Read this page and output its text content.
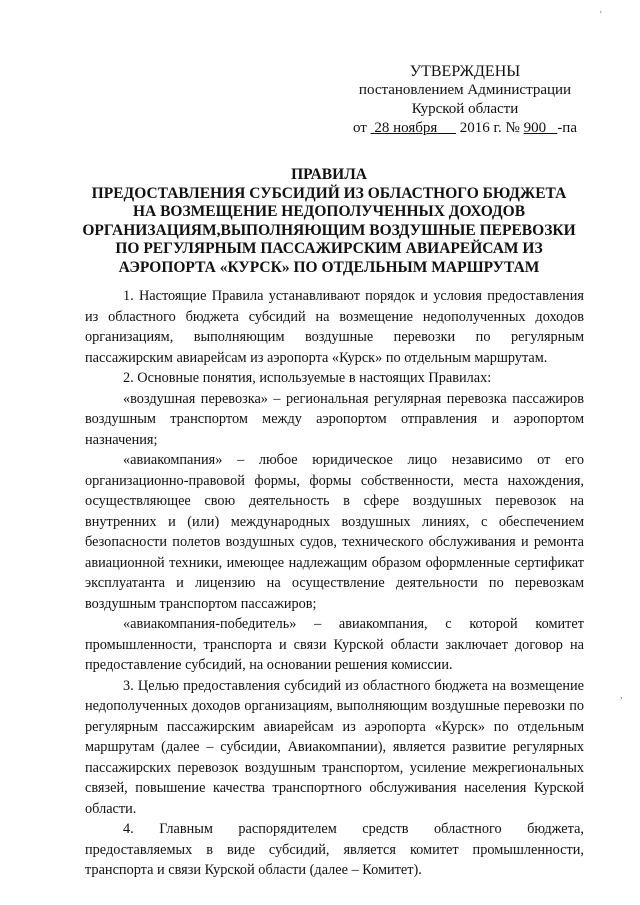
'
,
УТВЕРЖДЕНЫ
постановлением Администрации
Курской области
от 28 ноября 2016 г. № 900 -па
ПРАВИЛА
ПРЕДОСТАВЛЕНИЯ СУБСИДИЙ ИЗ ОБЛАСТНОГО БЮДЖЕТА
НА ВОЗМЕЩЕНИЕ НЕДОПОЛУЧЕННЫХ ДОХОДОВ
ОРГАНИЗАЦИЯМ,ВЫПОЛНЯЮЩИМ ВОЗДУШНЫЕ ПЕРЕВОЗКИ
ПО РЕГУЛЯРНЫМ ПАССАЖИРСКИМ АВИАРЕЙСАМ ИЗ
АЭРОПОРТА «КУРСК» ПО ОТДЕЛЬНЫМ МАРШРУТАМ

1. Настоящие Правила устанавливают порядок и условия предоставления из областного бюджета субсидий на возмещение недополученных доходов организациям, выполняющим воздушные перевозки по регулярным пассажирским авиарейсам из аэропорта «Курск» по отдельным маршрутам.

2. Основные понятия, используемые в настоящих Правилах:

«воздушная перевозка» – региональная регулярная перевозка пассажиров воздушным транспортом между аэропортом отправления и аэропортом назначения;

«авиакомпания» – любое юридическое лицо независимо от его организационно-правовой формы, формы собственности, места нахождения, осуществляющее свою деятельность в сфере воздушных перевозок на внутренних и (или) международных воздушных линиях, с обеспечением безопасности полетов воздушных судов, технического обслуживания и ремонта авиационной техники, имеющее надлежащим образом оформленные сертификат эксплуатанта и лицензию на осуществление деятельности по перевозкам воздушным транспортом пассажиров;

«авиакомпания-победитель» – авиакомпания, с которой комитет промышленности, транспорта и связи Курской области заключает договор на предоставление субсидий, на основании решения комиссии.

3. Целью предоставления субсидий из областного бюджета на возмещение недополученных доходов организациям, выполняющим воздушные перевозки по регулярным пассажирским авиарейсам из аэропорта «Курск» по отдельным маршрутам (далее – субсидии, Авиакомпании), является развитие регулярных пассажирских перевозок воздушным транспортом, усиление межрегиональных связей, повышение качества транспортного обслуживания населения Курской области.

4. Главным распорядителем средств областного бюджета, предоставляемых в виде субсидий, является комитет промышленности, транспорта и связи Курской области (далее – Комитет).
